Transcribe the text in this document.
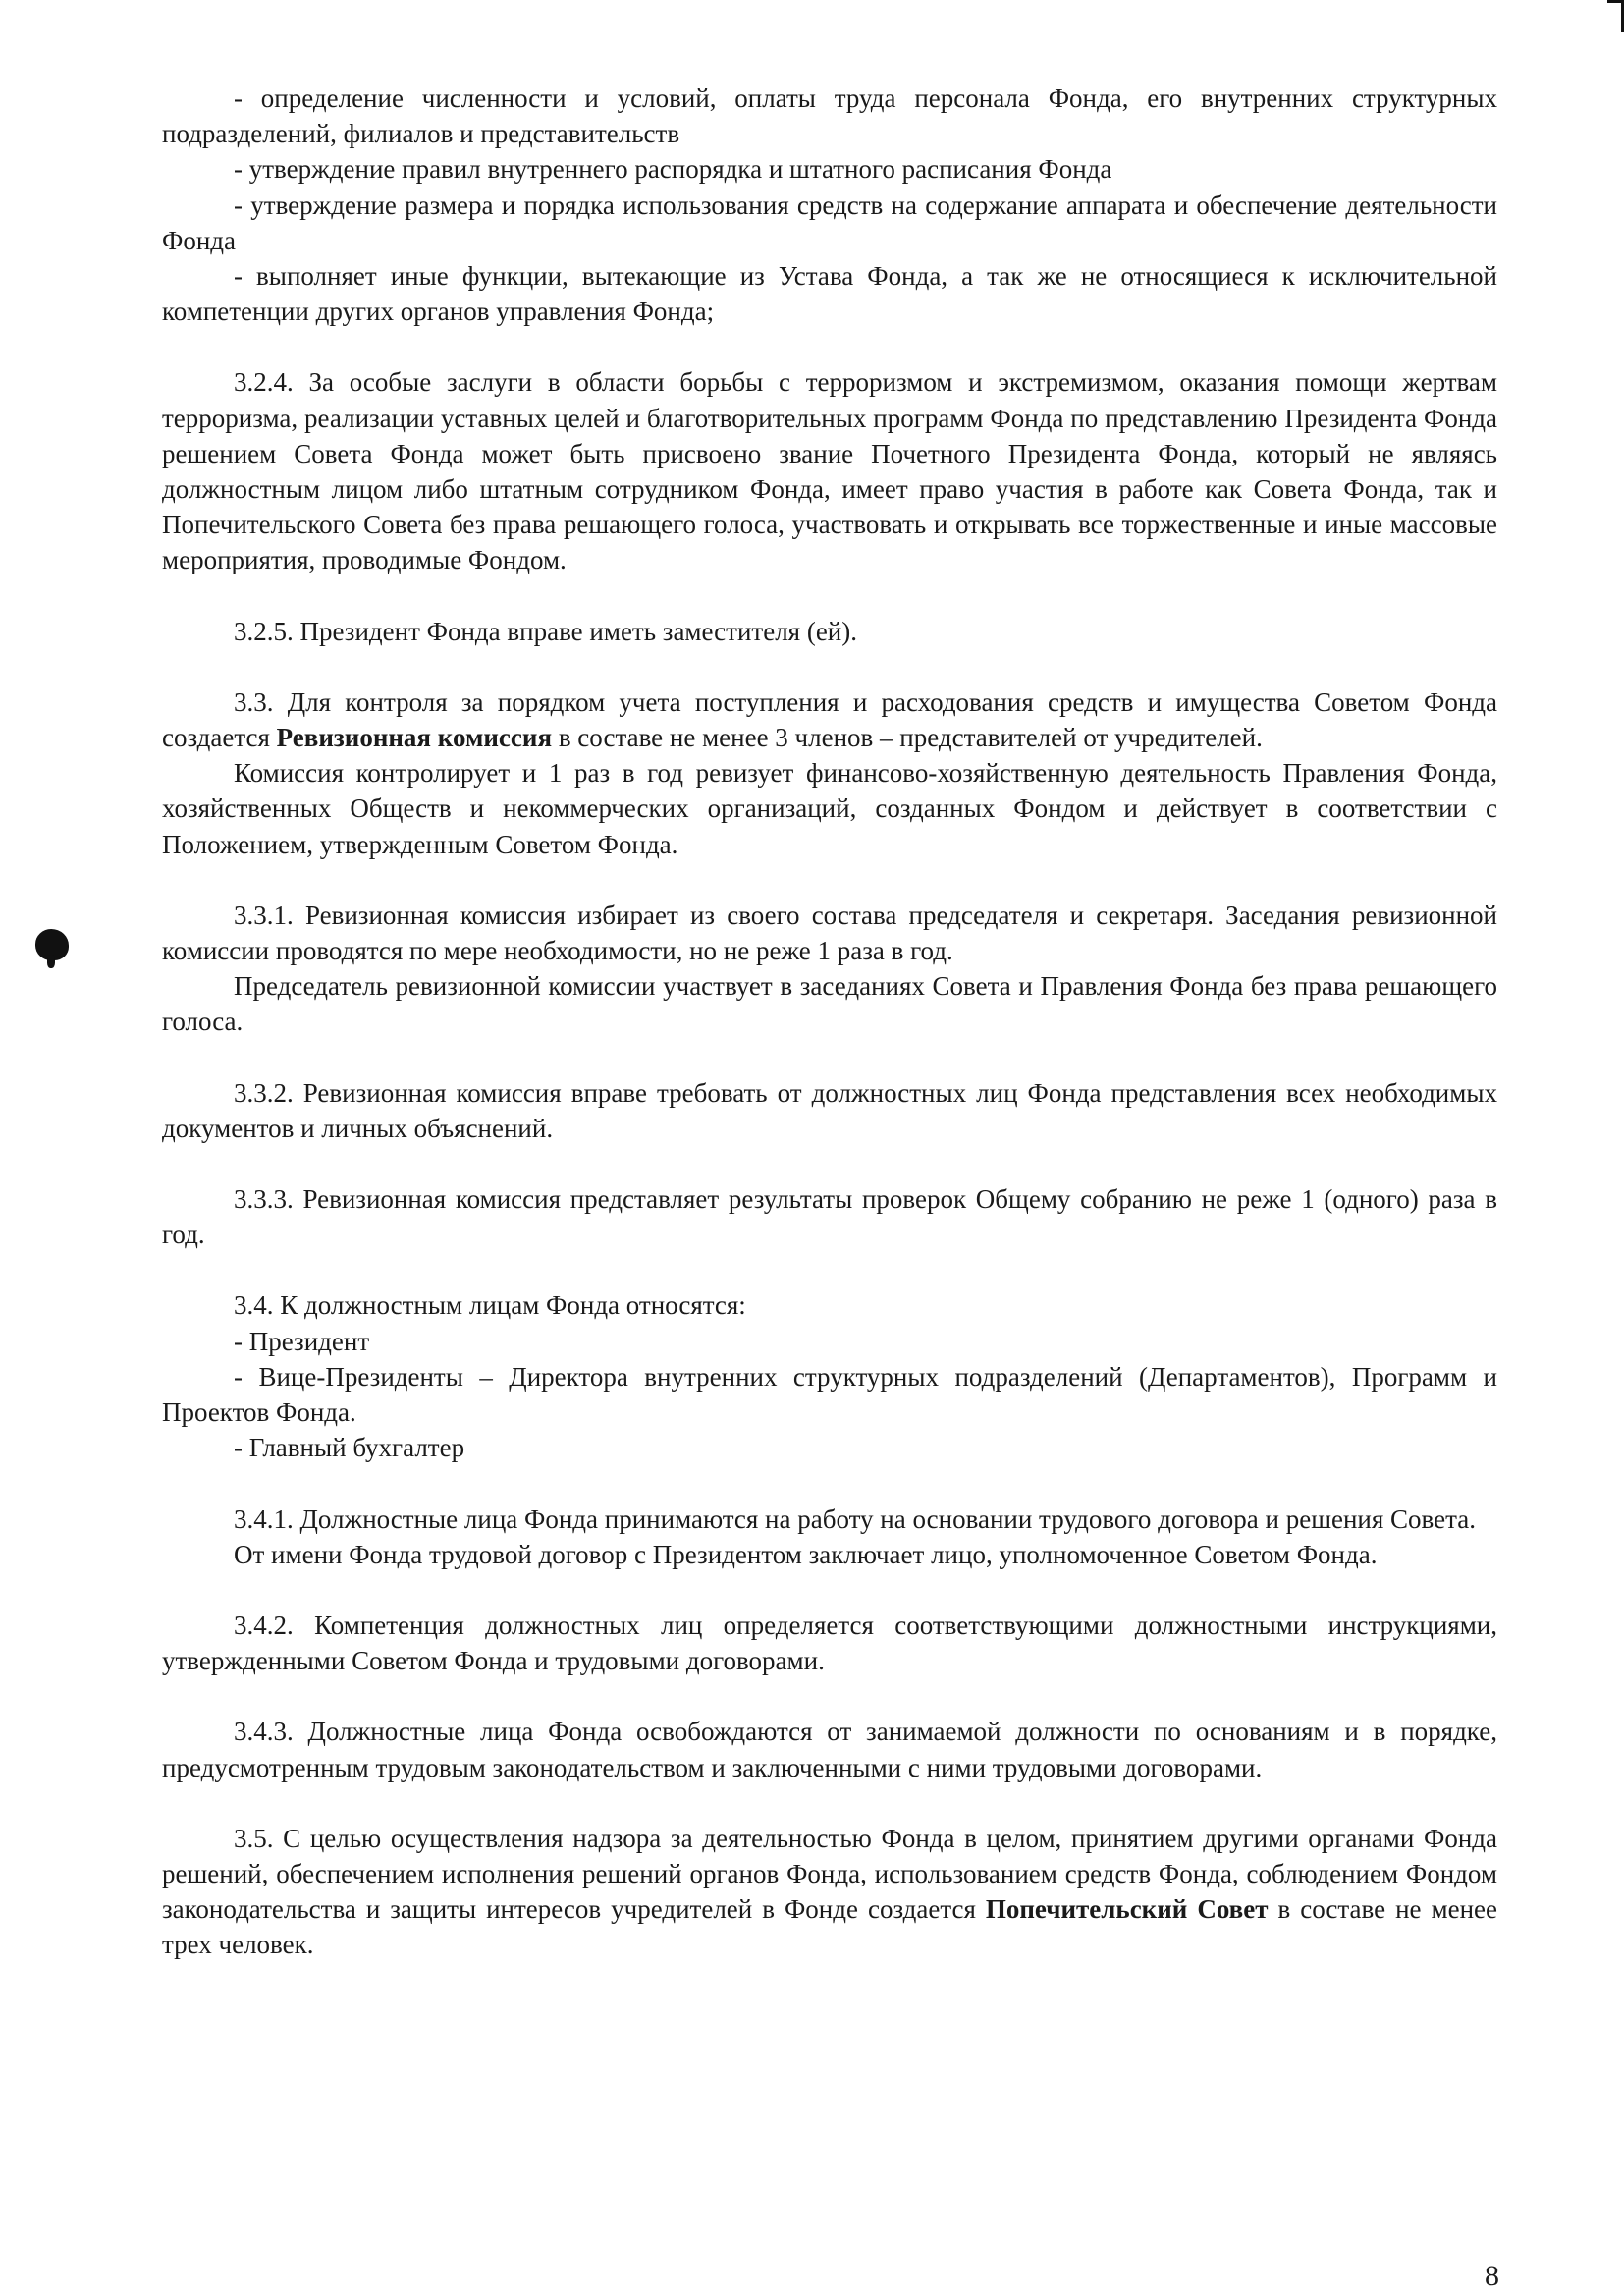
- определение численности и условий, оплаты труда персонала Фонда, его внутренних структурных подразделений, филиалов и представительств

- утверждение правил внутреннего распорядка и штатного расписания Фонда

- утверждение размера и порядка использования средств на содержание аппарата и обеспечение деятельности Фонда

- выполняет иные функции, вытекающие из Устава Фонда, а так же не относящиеся к исключительной компетенции других органов управления Фонда;

3.2.4. За особые заслуги в области борьбы с терроризмом и экстремизмом, оказания помощи жертвам терроризма, реализации уставных целей и благотворительных программ Фонда по представлению Президента Фонда решением Совета Фонда может быть присвоено звание Почетного Президента Фонда, который не являясь должностным лицом либо штатным сотрудником Фонда, имеет право участия в работе как Совета Фонда, так и Попечительского Совета без права решающего голоса, участвовать и открывать все торжественные и иные массовые мероприятия, проводимые Фондом.

3.2.5. Президент Фонда вправе иметь заместителя (ей).

3.3. Для контроля за порядком учета поступления и расходования средств и имущества Советом Фонда создается Ревизионная комиссия в составе не менее 3 членов – представителей от учредителей.

Комиссия контролирует и 1 раз в год ревизует финансово-хозяйственную деятельность Правления Фонда, хозяйственных Обществ и некоммерческих организаций, созданных Фондом и действует в соответствии с Положением, утвержденным Советом Фонда.

3.3.1. Ревизионная комиссия избирает из своего состава председателя и секретаря. Заседания ревизионной комиссии проводятся по мере необходимости, но не реже 1 раза в год.

Председатель ревизионной комиссии участвует в заседаниях Совета и Правления Фонда без права решающего голоса.

3.3.2. Ревизионная комиссия вправе требовать от должностных лиц Фонда представления всех необходимых документов и личных объяснений.

3.3.3. Ревизионная комиссия представляет результаты проверок Общему собранию не реже 1 (одного) раза в год.

3.4. К должностным лицам Фонда относятся:

- Президент

- Вице-Президенты – Директора внутренних структурных подразделений (Департаментов), Программ и Проектов Фонда.

- Главный бухгалтер

3.4.1. Должностные лица Фонда принимаются на работу на основании трудового договора и решения Совета.

От имени Фонда трудовой договор с Президентом заключает лицо, уполномоченное Советом Фонда.

3.4.2. Компетенция должностных лиц определяется соответствующими должностными инструкциями, утвержденными Советом Фонда и трудовыми договорами.

3.4.3. Должностные лица Фонда освобождаются от занимаемой должности по основаниям и в порядке, предусмотренным трудовым законодательством и заключенными с ними трудовыми договорами.

3.5. С целью осуществления надзора за деятельностью Фонда в целом, принятием другими органами Фонда решений, обеспечением исполнения решений органов Фонда, использованием средств Фонда, соблюдением Фондом законодательства и защиты интересов учредителей в Фонде создается Попечительский Совет в составе не менее трех человек.

8
